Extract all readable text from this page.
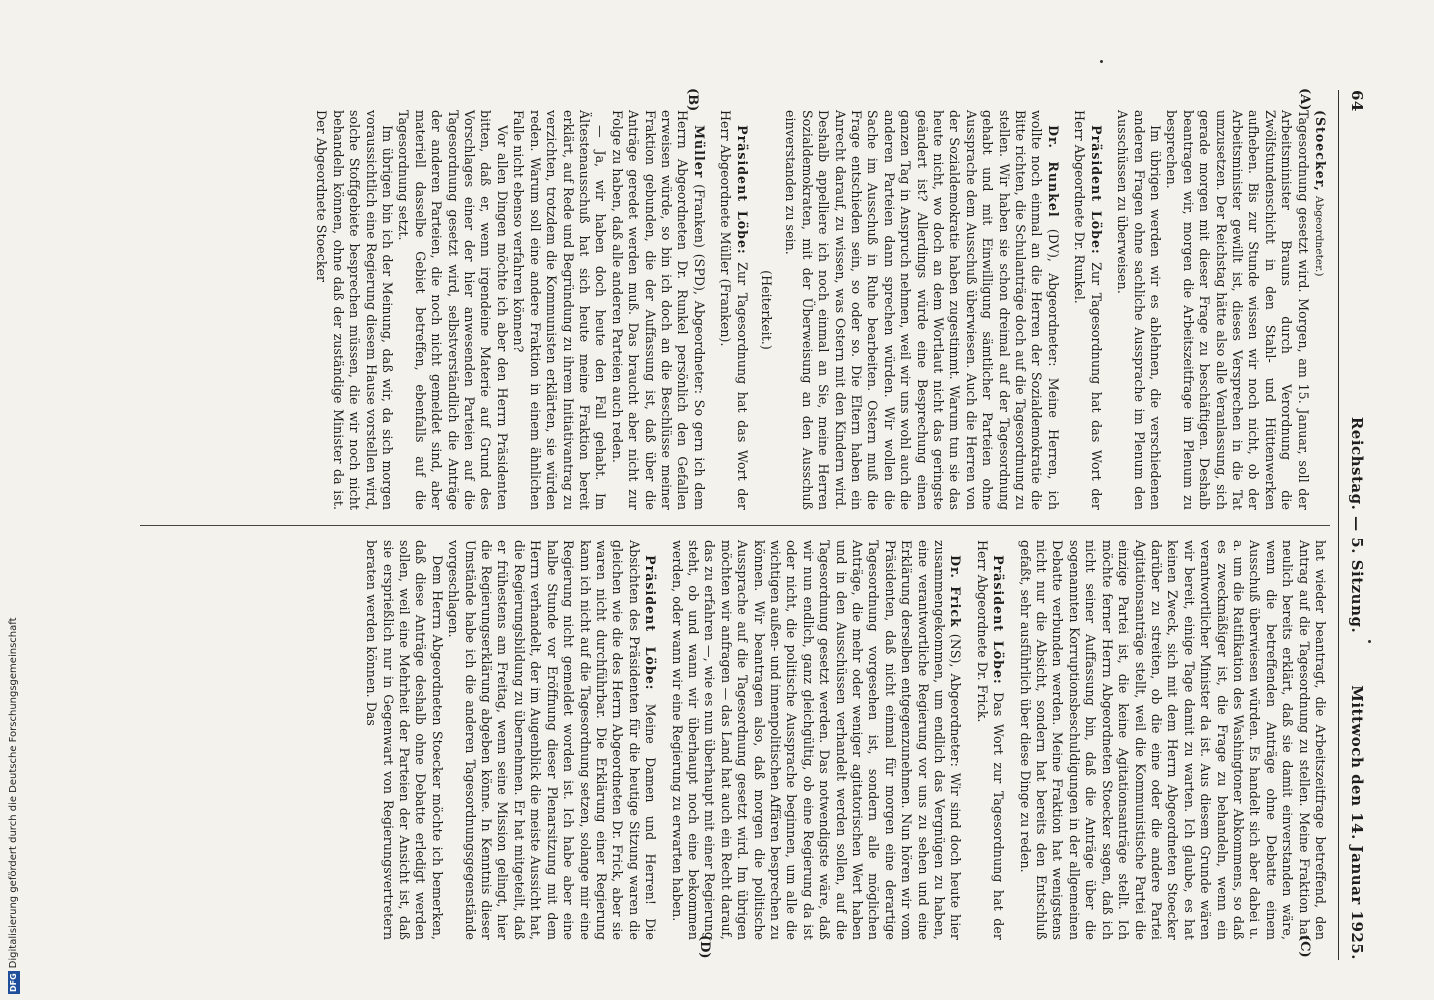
DFGDigitalisierung gefördert durch die Deutsche Forschungsgemeinschaft
64
Reichstag. — 5. Sitzung.
Mittwoch den 14. Januar 1925.
(A)
(B)
(C)
(D)

(Stoecker, Abgeordneter.)

Tagesordnung gesetzt wird. Morgen, am 15. Januar, soll der Arbeitsminister Brauns durch Verordnung die Zwölfstundenschicht in den Stahl- und Hüttenwerken aufheben. Bis zur Stunde wissen wir noch nicht, ob der Arbeitsminister gewillt ist, dieses Versprechen in die Tat umzusetzen. Der Reichstag hätte also alle Veranlassung, sich gerade morgen mit dieser Frage zu beschäftigen. Deshalb beantragen wir, morgen die Arbeitszeitfrage im Plenum zu besprechen.

Im übrigen werden wir es ablehnen, die verschiedenen anderen Fragen ohne sachliche Aussprache im Plenum den Ausschüssen zu überweisen.

Präsident Löbe: Zur Tagesordnung hat das Wort der Herr Abgeordnete Dr. Runkel.

Dr. Runkel (DV), Abgeordneter: Meine Herren, ich wollte noch einmal an die Herren der Sozialdemokratie die Bitte richten, die Schulanträge doch auf die Tagesordnung zu stellen. Wir haben sie schon dreimal auf der Tagesordnung gehabt und mit Einwilligung sämtlicher Parteien ohne Aussprache dem Ausschuß überwiesen. Auch die Herren von der Sozialdemokratie haben zugestimmt. Warum tun sie das heute nicht, wo doch an dem Wortlaut nicht das geringste geändert ist? Allerdings würde eine Besprechung einen ganzen Tag in Anspruch nehmen, weil wir uns wohl auch die anderen Parteien dann sprechen würden. Wir wollen die Sache im Ausschuß in Ruhe bearbeiten. Ostern muß die Frage entschieden sein, so oder so. Die Eltern haben ein Anrecht darauf, zu wissen, was Ostern mit den Kindern wird. Deshalb appelliere ich noch einmal an Sie, meine Herren Sozialdemokraten, mit der Überweisung an den Ausschuß einverstanden zu sein.

(Heiterkeit.)

Präsident Löbe: Zur Tagesordnung hat das Wort der Herr Abgeordnete Müller (Franken).

Müller (Franken) (SPD), Abgeordneter: So gern ich dem Herrn Abgeordneten Dr. Runkel persönlich den Gefallen erweisen würde, so bin ich doch an die Beschlüsse meiner Fraktion gebunden, die der Auffassung ist, daß über die Anträge geredet werden muß. Das braucht aber nicht zur Folge zu haben, daß alle anderen Parteien auch reden.

— Ja, wir haben doch heute den Fall gehabt. Im Ältestenausschuß hat sich heute meine Fraktion bereit erklärt, auf Rede und Begründung zu ihrem Initiativantrag zu verzichten, trotzdem die Kommunisten erklärten, sie würden reden. Warum soll eine andere Fraktion in einem ähnlichen Falle nicht ebenso verfahren können?

Vor allen Dingen möchte ich aber den Herrn Präsidenten bitten, daß er, wenn irgendeine Materie auf Grund des Vorschlages einer der hier anwesenden Parteien auf die Tagesordnung gesetzt wird, selbstverständlich die Anträge der anderen Parteien, die noch nicht gemeldet sind, aber materiell dasselbe Gebiet betreffen, ebenfalls auf die Tagesordnung setzt.

Im übrigen bin ich der Meinung, daß wir, da sich morgen voraussichtlich eine Regierung diesem Hause vorstellen wird, solche Stoffgebiete besprechen müssen, die wir noch nicht behandeln können, ohne daß der zuständige Minister da ist. Der Abgeordnete Stoecker

hat wieder beantragt, die Arbeitszeitfrage betreffend, den Antrag auf die Tagesordnung zu stellen. Meine Fraktion hat neulich bereits erklärt, daß sie damit einverstanden wäre, wenn die betreffenden Anträge ohne Debatte einem Ausschuß überwiesen würden. Es handelt sich aber dabei u. a. um die Ratifikation des Washingtoner Abkommens, so daß es zweckmäßiger ist, die Frage zu behandeln, wenn ein verantwortlicher Minister da ist. Aus diesem Grunde wären wir bereit, einige Tage damit zu warten. Ich glaube, es hat keinen Zweck, sich mit dem Herrn Abgeordneten Stoecker darüber zu streiten, ob die eine oder die andere Partei Agitationsanträge stellt, weil die Kommunistische Partei die einzige Partei ist, die keine Agitationsanträge stellt. Ich möchte ferner Herrn Abgeordneten Stoecker sagen, daß ich nicht seiner Auffassung bin, daß die Anträge über die sogenannten Korruptionsbeschuldigungen in der allgemeinen Debatte verbunden werden. Meine Fraktion hat wenigstens nicht nur die Absicht, sondern hat bereits den Entschluß gefaßt, sehr ausführlich über diese Dinge zu reden.

Präsident Löbe: Das Wort zur Tagesordnung hat der Herr Abgeordnete Dr. Frick.

Dr. Frick (NS), Abgeordneter: Wir sind doch heute hier zusammengekommen, um endlich das Vergnügen zu haben, eine verantwortliche Regierung vor uns zu sehen und eine Erklärung derselben entgegenzunehmen. Nun hören wir vom Präsidenten, daß nicht einmal für morgen eine derartige Tagesordnung vorgesehen ist, sondern alle möglichen Anträge, die mehr oder weniger agitatorischen Wert haben und in den Ausschüssen verhandelt werden sollen, auf die Tagesordnung gesetzt werden. Das notwendigste wäre, daß wir nun endlich, ganz gleichgültig, ob eine Regierung da ist oder nicht, die politische Aussprache beginnen, um alle die wichtigen außen- und innenpolitischen Affären besprechen zu können. Wir beantragen also, daß morgen die politische Aussprache auf die Tagesordnung gesetzt wird. Im übrigen möchten wir anfragen — das Land hat auch ein Recht darauf, das zu erfahren —, wie es nun überhaupt mit einer Regierung steht, ob und wann wir überhaupt noch eine bekommen werden, oder wann wir eine Regierung zu erwarten haben.

Präsident Löbe: Meine Damen und Herren! Die Absichten des Präsidenten für die heutige Sitzung waren die gleichen wie die des Herrn Abgeordneten Dr. Frick, aber sie waren nicht durchführbar. Die Erklärung einer Regierung kann ich nicht auf die Tagesordnung setzen, solange mir eine Regierung nicht gemeldet worden ist. Ich habe aber eine halbe Stunde vor Eröffnung dieser Plenarsitzung mit dem Herrn verhandelt, der im Augenblick die meiste Aussicht hat, die Regierungsbildung zu übernehmen. Er hat mitgeteilt, daß er frühestens am Freitag, wenn seine Mission gelingt, hier die Regierungserklärung abgeben könne. In Kenntnis dieser Umstände habe ich die anderen Tagesordnungsgegenstände vorgeschlagen.

Dem Herrn Abgeordneten Stoecker möchte ich bemerken, daß diese Anträge deshalb ohne Debatte erledigt werden sollen, weil eine Mehrheit der Parteien der Ansicht ist, daß sie ersprießlich nur in Gegenwart von Regierungsvertretern beraten werden können. Das
